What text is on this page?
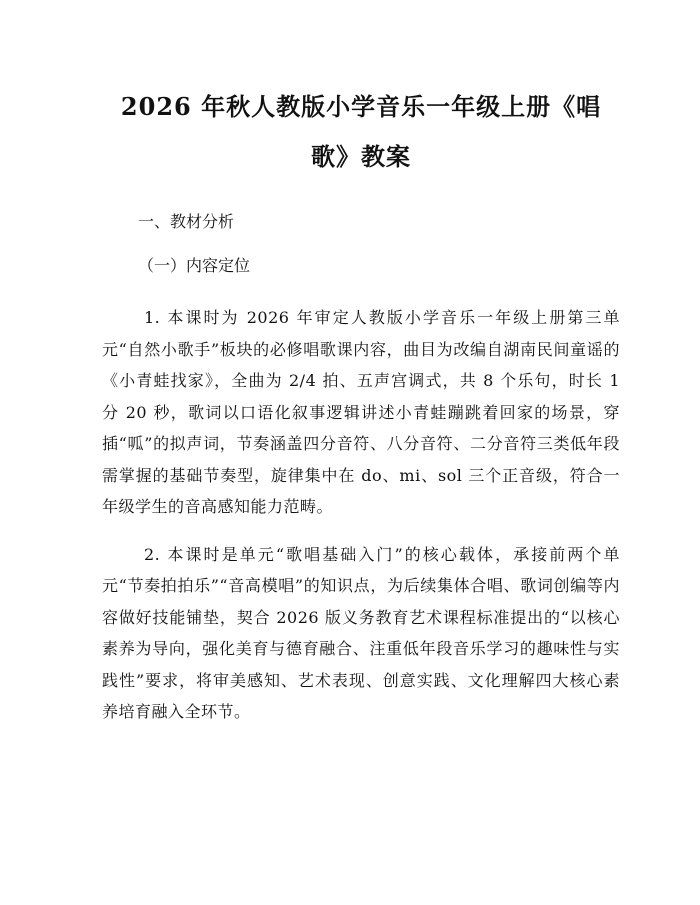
2026 年秋人教版小学音乐一年级上册《唱
歌》教案

一、教材分析

（一）内容定位

1. 本课时为 2026 年审定人教版小学音乐一年级上册第三单元“自然小歌手”板块的必修唱歌课内容，曲目为改编自湖南民间童谣的《小青蛙找家》，全曲为 2/4 拍、五声宫调式，共 8 个乐句，时长 1 分 20 秒，歌词以口语化叙事逻辑讲述小青蛙蹦跳着回家的场景，穿插“呱”的拟声词，节奏涵盖四分音符、八分音符、二分音符三类低年段需掌握的基础节奏型，旋律集中在 do、mi、sol 三个正音级，符合一年级学生的音高感知能力范畴。

2. 本课时是单元“歌唱基础入门”的核心载体，承接前两个单元“节奏拍拍乐”“音高模唱”的知识点，为后续集体合唱、歌词创编等内容做好技能铺垫，契合 2026 版义务教育艺术课程标准提出的“以核心素养为导向，强化美育与德育融合、注重低年段音乐学习的趣味性与实践性”要求，将审美感知、艺术表现、创意实践、文化理解四大核心素养培育融入全环节。
